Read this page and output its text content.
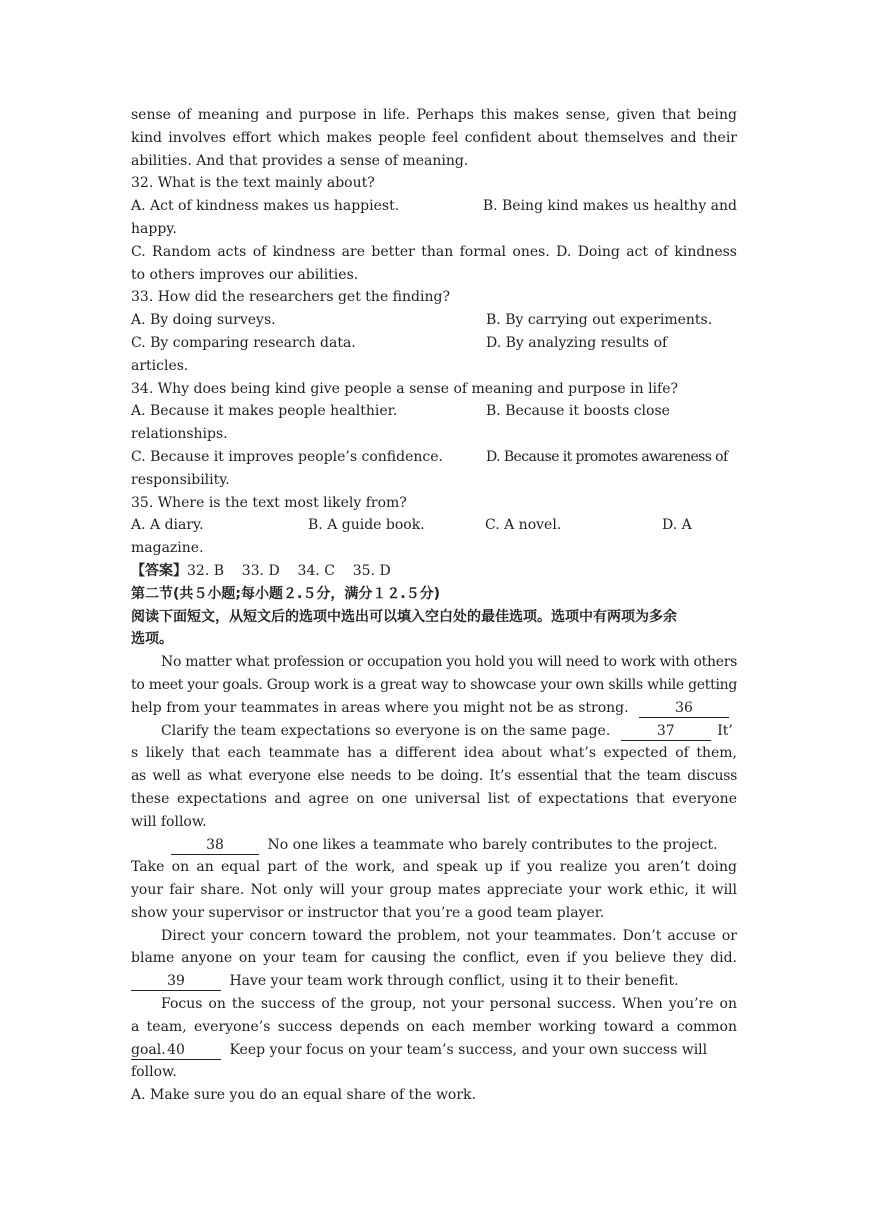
sense of meaning and purpose in life. Perhaps this makes sense, given that being
kind involves effort which makes people feel confident about themselves and their
abilities. And that provides a sense of meaning.
32. What is the text mainly about?
A. Act of kindness makes us happiest.	B. Being kind makes us healthy and
happy.
C. Random acts of kindness are better than formal ones. D. Doing act of kindness
to others improves our abilities.
33. How did the researchers get the finding?
A. By doing surveys.	B. By carrying out experiments.
C. By comparing research data.	D. By analyzing results of
articles.
34. Why does being kind give people a sense of meaning and purpose in life?
A. Because it makes people healthier.	B. Because it boosts close
relationships.
C. Because it improves people’s confidence.	D. Because it promotes awareness of
responsibility.
35. Where is the text most likely from?
A. A diary.	B. A guide book.	C. A novel.	D. A
magazine.
【答案】32. B    33. D    34. C    35. D
第二节(共５小题;每小题２.５分，满分１２.５分)
阅读下面短文，从短文后的选项中选出可以填入空白处的最佳选项。选项中有两项为多余
选项。
No matter what profession or occupation you hold you will need to work with others
to meet your goals. Group work is a great way to showcase your own skills while getting
help from your teammates in areas where you might not be as strong.	36
Clarify the team expectations so everyone is on the same page.	37	It’
s likely that each teammate has a different idea about what’s expected of them,
as well as what everyone else needs to be doing. It’s essential that the team discuss
these expectations and agree on one universal list of expectations that everyone
will follow.
38	No one likes a teammate who barely contributes to the project.
Take on an equal part of the work, and speak up if you realize you aren’t doing
your fair share. Not only will your group mates appreciate your work ethic, it will
show your supervisor or instructor that you’re a good team player.
Direct your concern toward the problem, not your teammates. Don’t accuse or
blame anyone on your team for causing the conflict, even if you believe they did.
39	Have your team work through conflict, using it to their benefit.
Focus on the success of the group, not your personal success. When you’re on
a team, everyone’s success depends on each member working toward a common goal. 40	Keep your focus on your team’s success, and your own success will
follow.
A. Make sure you do an equal share of the work.
